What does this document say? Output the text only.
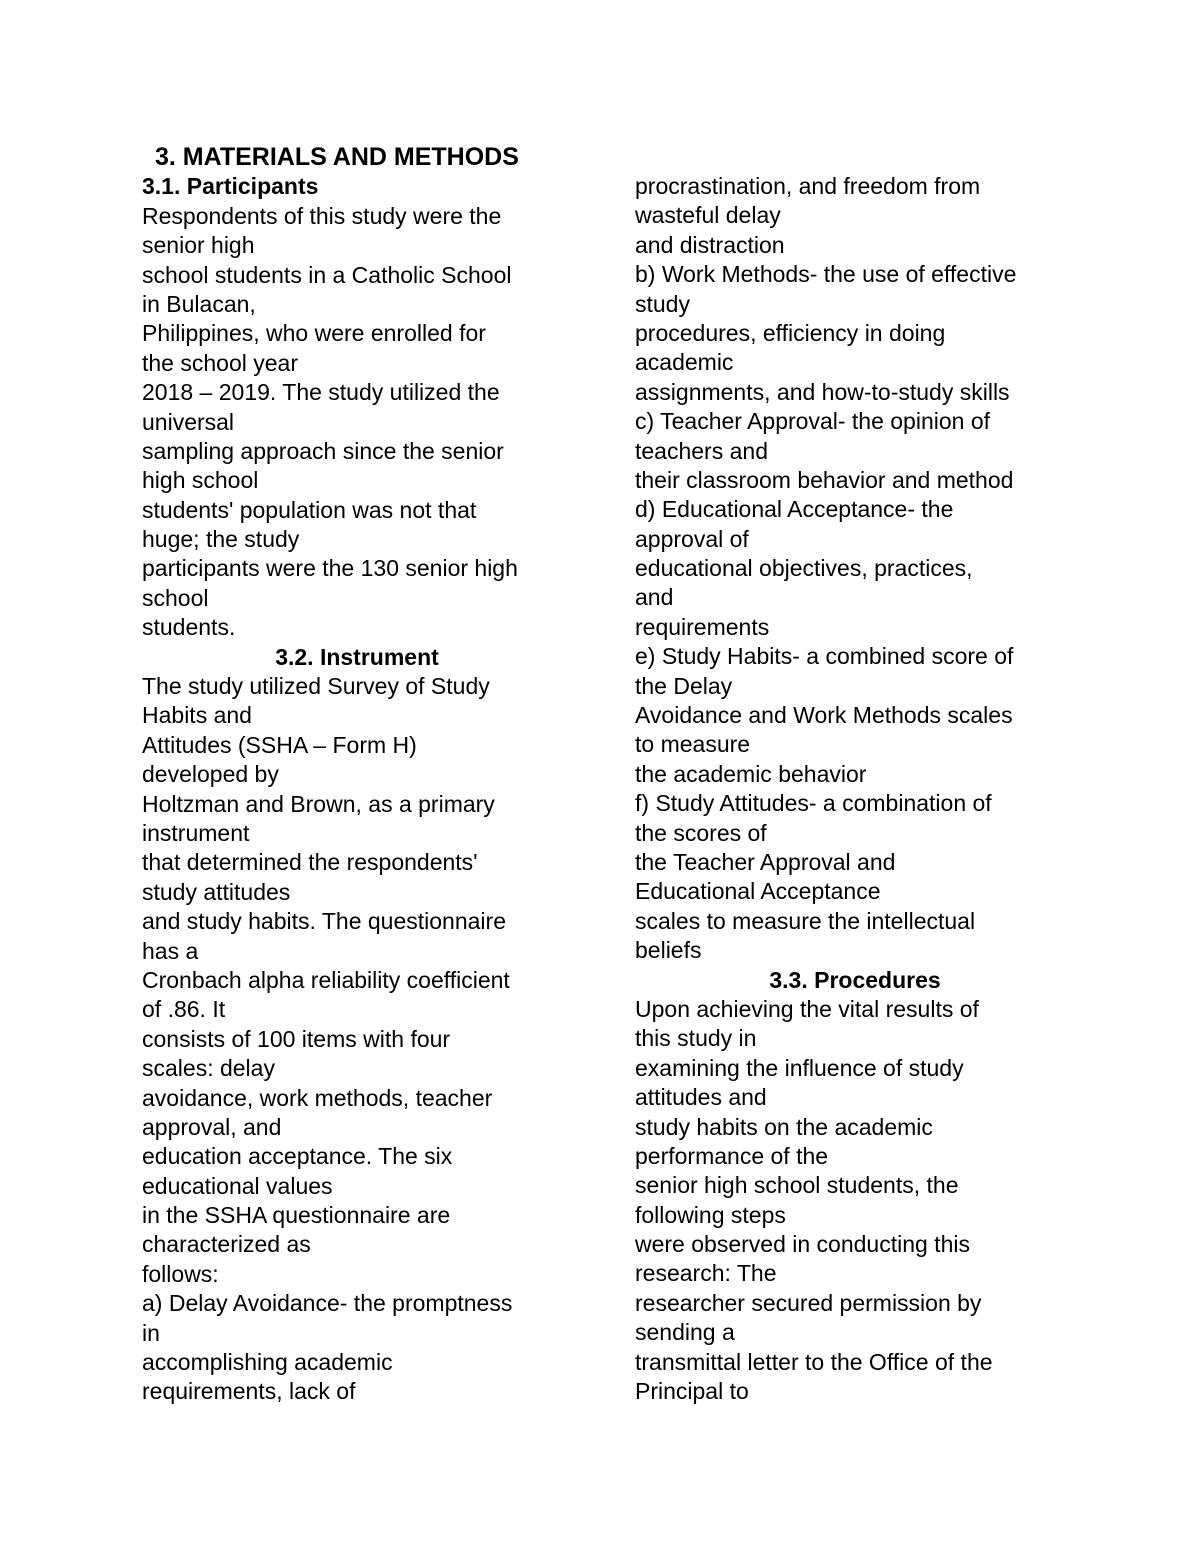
3. MATERIALS AND METHODS
3.1. Participants
Respondents of this study were the
senior high
school students in a Catholic School
in Bulacan,
Philippines, who were enrolled for
the school year
2018 – 2019. The study utilized the
universal
sampling approach since the senior
high school
students' population was not that
huge; the study
participants were the 130 senior high
school
students.
3.2. Instrument
The study utilized Survey of Study
Habits and
Attitudes (SSHA – Form H)
developed by
Holtzman and Brown, as a primary
instrument
that determined the respondents'
study attitudes
and study habits. The questionnaire
has a
Cronbach alpha reliability coefficient
of .86. It
consists of 100 items with four
scales: delay
avoidance, work methods, teacher
approval, and
education acceptance. The six
educational values
in the SSHA questionnaire are
characterized as
follows:
a) Delay Avoidance- the promptness
in
accomplishing academic
requirements, lack of
procrastination, and freedom from
wasteful delay
and distraction
b) Work Methods- the use of effective
study
procedures, efficiency in doing
academic
assignments, and how-to-study skills
c) Teacher Approval- the opinion of
teachers and
their classroom behavior and method
d) Educational Acceptance- the
approval of
educational objectives, practices,
and
requirements
e) Study Habits- a combined score of
the Delay
Avoidance and Work Methods scales
to measure
the academic behavior
f) Study Attitudes- a combination of
the scores of
the Teacher Approval and
Educational Acceptance
scales to measure the intellectual
beliefs
3.3. Procedures
Upon achieving the vital results of
this study in
examining the influence of study
attitudes and
study habits on the academic
performance of the
senior high school students, the
following steps
were observed in conducting this
research: The
researcher secured permission by
sending a
transmittal letter to the Office of the
Principal to
